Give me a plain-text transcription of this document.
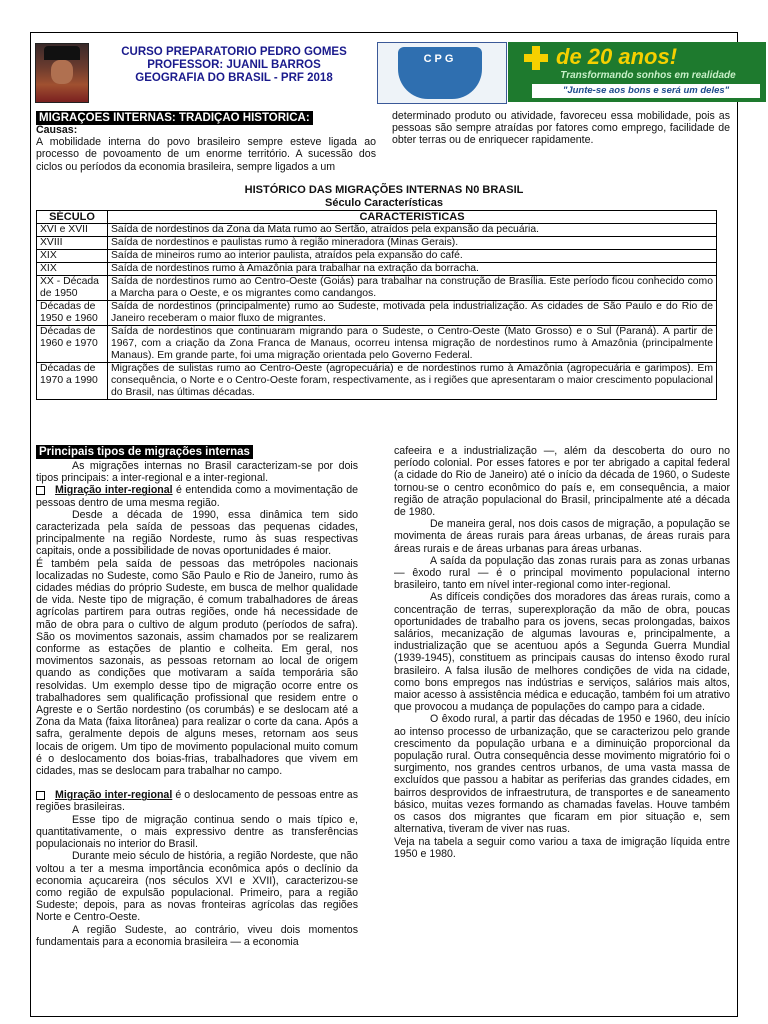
CURSO PREPARATORIO PEDRO GOMES
PROFESSOR: JUANIL BARROS
GEOGRAFIA DO BRASIL - PRF 2018
CPG	de 20 anos!
Transformando sonhos em realidade
"Junte-se aos bons e será um deles"
MIGRAÇOES INTERNAS: TRADIÇAO HISTORICA:

Causas:

A mobilidade interna do povo brasileiro sempre esteve ligada ao processo de povoamento de um enorme território. A sucessão dos ciclos ou períodos da economia brasileira, sempre ligados a um

determinado produto ou atividade, favoreceu essa mobilidade, pois as pessoas são sempre atraídas por fatores como emprego, facilidade de obter terras ou de enriquecer rapidamente.

HISTÓRICO DAS MIGRAÇÕES INTERNAS N0 BRASIL
Século Características
SÉCULO	CARACTERISTICAS
XVI e XVII	Saída de nordestinos da Zona da Mata rumo ao Sertão, atraídos pela expansão da pecuária.
XVIII	Saída de nordestinos e paulistas rumo à região mineradora (Minas Gerais).
XIX	Saída de mineiros rumo ao interior paulista, atraídos pela expansão do café.
XIX	Saída de nordestinos rumo à Amazônia para trabalhar na extração da borracha.
XX - Década de 1950	Saída de nordestinos rumo ao Centro-Oeste (Goiás) para trabalhar na construção de Brasília. Este período ficou conhecido como a Marcha para o Oeste, e os migrantes como candangos.
Décadas de 1950 e 1960	Saída de nordestinos (principalmente) rumo ao Sudeste, motivada pela industrialização. As cidades de São Paulo e do Rio de Janeiro receberam o maior fluxo de migrantes.
Décadas de 1960 e 1970	Saída de nordestinos que continuaram migrando para o Sudeste, o Centro-Oeste (Mato Grosso) e o Sul (Paraná). A partir de 1967, com a criação da Zona Franca de Manaus, ocorreu intensa migração de nordestinos rumo à Amazônia (principalmente Manaus). Em grande parte, foi uma migração orientada pelo Governo Federal.
Décadas de 1970 a 1990	Migrações de sulistas rumo ao Centro-Oeste (agropecuária) e de nordestinos rumo à Amazônia (agropecuária e garimpos). Em consequência, o Norte e o Centro-Oeste foram, respectivamente, as i regiões que apresentaram o maior crescimento populacional do Brasil, nas últimas décadas.
Principais tipos de migrações internas

As migrações internas no Brasil caracterizam-se por dois tipos principais: a inter-regional e a inter-regional.

Migração inter-regional é entendida como a movimentação de pessoas dentro de uma mesma região.

Desde a década de 1990, essa dinâmica tem sido caracterizada pela saída de pessoas das pequenas cidades, principalmente na região Nordeste, rumo às suas respectivas capitais, onde a possibilidade de novas oportunidades é maior.

É também pela saída de pessoas das metrópoles nacionais localizadas no Sudeste, como São Paulo e Rio de Janeiro, rumo às cidades médias do próprio Sudeste, em busca de melhor qualidade de vida. Neste tipo de migração, é comum trabalhadores de áreas agrícolas partirem para outras regiões, onde há necessidade de mão de obra para o cultivo de algum produto (períodos de safra). São os movimentos sazonais, assim chamados por se realizarem conforme as estações de plantio e colheita. Em geral, nos movimentos sazonais, as pessoas retornam ao local de origem quando as condições que motivaram a saída temporária são resolvidas. Um exemplo desse tipo de migração ocorre entre os trabalhadores sem qualificação profissional que residem entre o Agreste e o Sertão nordestino (os corumbás) e se deslocam até a Zona da Mata (faixa litorânea) para realizar o corte da cana. Após a safra, geralmente depois de alguns meses, retornam aos seus locais de origem. Um tipo de movimento populacional muito comum é o deslocamento dos boias-frias, trabalhadores que vivem em cidades, mas se deslocam para trabalhar no campo.

Migração inter-regional é o deslocamento de pessoas entre as regiões brasileiras.

Esse tipo de migração continua sendo o mais típico e, quantitativamente, o mais expressivo dentre as transferências populacionais no interior do Brasil.

Durante meio século de história, a região Nordeste, que não voltou a ter a mesma importância econômica após o declínio da economia açucareira (nos séculos XVI e XVII), caracterizou-se como região de expulsão populacional. Primeiro, para a região Sudeste; depois, para as novas fronteiras agrícolas das regiões Norte e Centro-Oeste.

A região Sudeste, ao contrário, viveu dois momentos fundamentais para a economia brasileira — a economia

cafeeira e a industrialização —, além da descoberta do ouro no período colonial. Por esses fatores e por ter abrigado a capital federal (a cidade do Rio de Janeiro) até o início da década de 1960, o Sudeste tornou-se o centro econômico do país e, em consequência, a maior região de atração populacional do Brasil, principalmente até a década de 1980.

De maneira geral, nos dois casos de migração, a população se movimenta de áreas rurais para áreas urbanas, de áreas rurais para áreas rurais e de áreas urbanas para áreas urbanas.

A saída da população das zonas rurais para as zonas urbanas — êxodo rural — é o principal movimento populacional interno brasileiro, tanto em nível inter-regional como inter-regional.

As difíceis condições dos moradores das áreas rurais, como a concentração de terras, superexploração da mão de obra, poucas oportunidades de trabalho para os jovens, secas prolongadas, baixos salários, mecanização de algumas lavouras e, principalmente, a industrialização que se acentuou após a Segunda Guerra Mundial (1939-1945), constituem as principais causas do intenso êxodo rural brasileiro. A falsa ilusão de melhores condições de vida na cidade, como bons empregos nas indústrias e serviços, salários mais altos, maior acesso à assistência médica e educação, também foi um atrativo que provocou a mudança de populações do campo para a cidade.

O êxodo rural, a partir das décadas de 1950 e 1960, deu início ao intenso processo de urbanização, que se caracterizou pelo grande crescimento da população urbana e a diminuição proporcional da população rural. Outra consequência desse movimento migratório foi o surgimento, nos grandes centros urbanos, de uma vasta massa de excluídos que passou a habitar as periferias das grandes cidades, em bairros desprovidos de infraestrutura, de transportes e de saneamento básico, muitas vezes formando as chamadas favelas. Houve também os casos dos migrantes que ficaram em pior situação e, sem alternativa, tiveram de viver nas ruas.

Veja na tabela a seguir como variou a taxa de imigração líquida entre 1950 e 1980.
